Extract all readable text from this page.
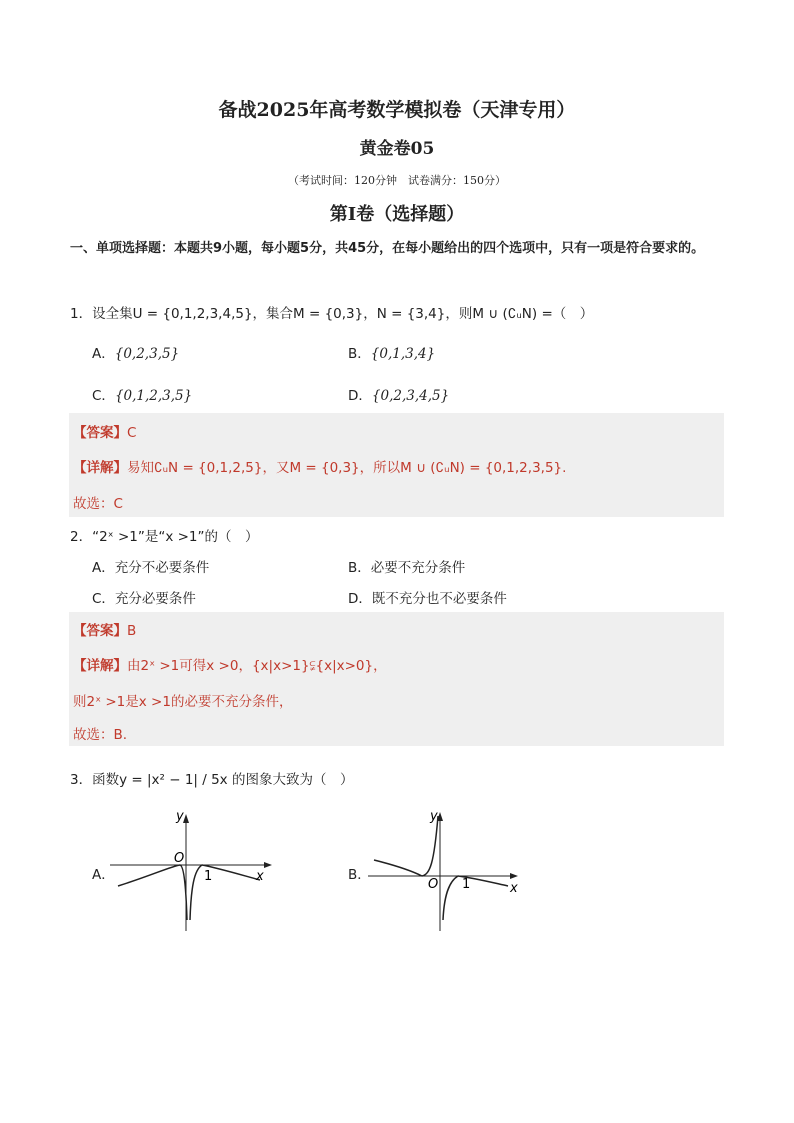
备战2025年高考数学模拟卷（天津专用）
黄金卷05
（考试时间：120分钟　试卷满分：150分）
第I卷（选择题）
一、单项选择题：本题共9小题，每小题5分，共45分，在每小题给出的四个选项中，只有一项是符合要求的。
1．设全集U = {0,1,2,3,4,5}，集合M = {0,3}，N = {3,4}，则M ∪ (∁ᵤN) =（　）
A．{0,2,3,5}	B．{0,1,3,4}
C．{0,1,2,3,5}	D．{0,2,3,4,5}
【答案】C
【详解】易知∁ᵤN = {0,1,2,5}，又M = {0,3}，所以M ∪ (∁ᵤN) = {0,1,2,3,5}.
故选：C
2．“2ˣ >1”是“x >1”的（　）
A．充分不必要条件	B．必要不充分条件
C．充分必要条件	D．既不充分也不必要条件
【答案】B
【详解】由2ˣ >1可得x >0，{x|x>1}⫋{x|x>0}，
则2ˣ >1是x >1的必要不充分条件，
故选：B.
3．函数y = |x² − 1| / 5x 的图象大致为（　）
A．
O
y
x
1	B．
O
y
x
1
